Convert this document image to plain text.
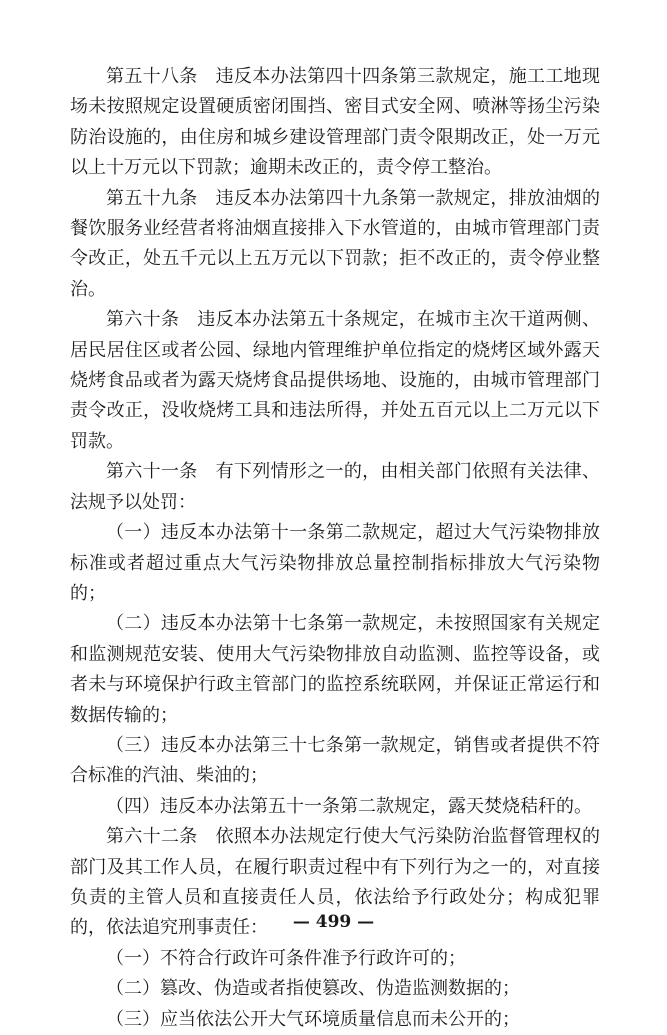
第五十八条 违反本办法第四十四条第三款规定，施工工地现场未按照规定设置硬质密闭围挡、密目式安全网、喷淋等扬尘污染防治设施的，由住房和城乡建设管理部门责令限期改正，处一万元以上十万元以下罚款；逾期未改正的，责令停工整治。

第五十九条 违反本办法第四十九条第一款规定，排放油烟的餐饮服务业经营者将油烟直接排入下水管道的，由城市管理部门责令改正，处五千元以上五万元以下罚款；拒不改正的，责令停业整治。

第六十条 违反本办法第五十条规定，在城市主次干道两侧、居民居住区或者公园、绿地内管理维护单位指定的烧烤区域外露天烧烤食品或者为露天烧烤食品提供场地、设施的，由城市管理部门责令改正，没收烧烤工具和违法所得，并处五百元以上二万元以下罚款。

第六十一条 有下列情形之一的，由相关部门依照有关法律、法规予以处罚：

（一）违反本办法第十一条第二款规定，超过大气污染物排放标准或者超过重点大气污染物排放总量控制指标排放大气污染物的；

（二）违反本办法第十七条第一款规定，未按照国家有关规定和监测规范安装、使用大气污染物排放自动监测、监控等设备，或者未与环境保护行政主管部门的监控系统联网，并保证正常运行和数据传输的；

（三）违反本办法第三十七条第一款规定，销售或者提供不符合标准的汽油、柴油的；

（四）违反本办法第五十一条第二款规定，露天焚烧秸秆的。

第六十二条 依照本办法规定行使大气污染防治监督管理权的部门及其工作人员，在履行职责过程中有下列行为之一的，对直接负责的主管人员和直接责任人员，依法给予行政处分；构成犯罪的，依法追究刑事责任：

（一）不符合行政许可条件准予行政许可的；

（二）篡改、伪造或者指使篡改、伪造监测数据的；

（三）应当依法公开大气环境质量信息而未公开的；

— 499 —
